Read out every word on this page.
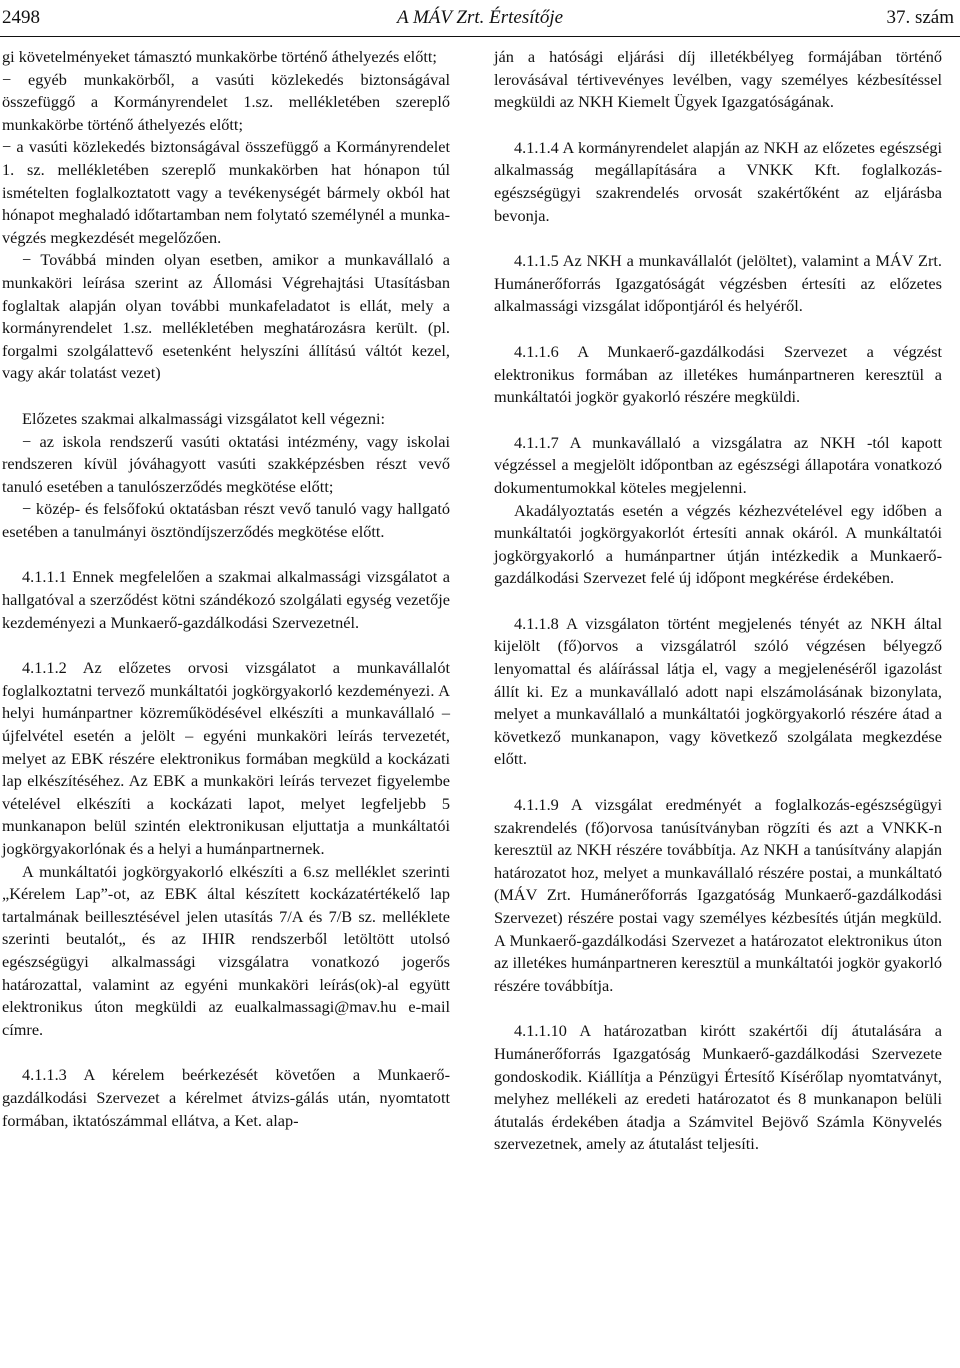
2498	A MÁV Zrt. Értesítője	37. szám

gi követelményeket támasztó munkakörbe történő áthelyezés előtt;

− egyéb munkakörből, a vasúti közlekedés biztonságával összefüggő a Kormányrendelet 1.sz. mellékletében szereplő munkakörbe történő áthelyezés előtt;

− a vasúti közlekedés biztonságával összefüggő a Kormányrendelet 1. sz. mellékletében szereplő munkakörben hat hónapon túl ismételten foglalkoztatott vagy a tevékenységét bármely okból hat hónapot meghaladó időtartamban nem folytató személynél a munka-végzés megkezdését megelőzően.

− Továbbá minden olyan esetben, amikor a munkavállaló a munkaköri leírása szerint az Állomási Végrehajtási Utasításban foglaltak alapján olyan további munkafeladatot is ellát, mely a kormányrendelet 1.sz. mellékletében meghatározásra került. (pl. forgalmi szolgálattevő esetenként helyszíni állítású váltót kezel, vagy akár tolatást vezet)

Előzetes szakmai alkalmassági vizsgálatot kell végezni:

− az iskola rendszerű vasúti oktatási intézmény, vagy iskolai rendszeren kívül jóváhagyott vasúti szakképzésben részt vevő tanuló esetében a tanulószerződés megkötése előtt;

− közép- és felsőfokú oktatásban részt vevő tanuló vagy hallgató esetében a tanulmányi ösztöndíjszerződés megkötése előtt.

4.1.1.1 Ennek megfelelően a szakmai alkalmassági vizsgálatot a hallgatóval a szerződést kötni szándékozó szolgálati egység vezetője kezdeményezi a Munkaerő-gazdálkodási Szervezetnél.

4.1.1.2 Az előzetes orvosi vizsgálatot a munkavállalót foglalkoztatni tervező munkáltatói jogkörgyakorló kezdeményezi. A helyi humánpartner közreműködésével elkészíti a munkavállaló – újfelvétel esetén a jelölt – egyéni munkaköri leírás tervezetét, melyet az EBK részére elektronikus formában megküld a kockázati lap elkészítéséhez. Az EBK a munkaköri leírás tervezet figyelembe vételével elkészíti a kockázati lapot, melyet legfeljebb 5 munkanapon belül szintén elektronikusan eljuttatja a munkáltatói jogkörgyakorlónak és a helyi a humánpartnernek.

A munkáltatói jogkörgyakorló elkészíti a 6.sz melléklet szerinti „Kérelem Lap”-ot, az EBK által készített kockázatértékelő lap tartalmának beillesztésével jelen utasítás 7/A és 7/B sz. melléklete szerinti beutalót„ és az IHIR rendszerből letöltött utolsó egészségügyi alkalmassági vizsgálatra vonatkozó jogerős határozattal, valamint az egyéni munkaköri leírás(ok)-al együtt elektronikus úton megküldi az eualkalmassagi@mav.hu e-mail címre.

4.1.1.3 A kérelem beérkezését követően a Munkaerő-gazdálkodási Szervezet a kérelmet átvizs-gálás után, nyomtatott formában, iktatószámmal ellátva, a Ket. alap-

ján a hatósági eljárási díj illetékbélyeg formájában történő lerovásával tértivevényes levélben, vagy személyes kézbesítéssel megküldi az NKH Kiemelt Ügyek Igazgatóságának.

4.1.1.4 A kormányrendelet alapján az NKH az előzetes egészségi alkalmasság megállapítására a VNKK Kft. foglalkozás-egészségügyi szakrendelés orvosát szakértőként az eljárásba bevonja.

4.1.1.5 Az NKH a munkavállalót (jelöltet), valamint a MÁV Zrt. Humánerőforrás Igazgatóságát végzésben értesíti az előzetes alkalmassági vizsgálat időpontjáról és helyéről.

4.1.1.6 A Munkaerő-gazdálkodási Szervezet a végzést elektronikus formában az illetékes humánpartneren keresztül a munkáltatói jogkör gyakorló részére megküldi.

4.1.1.7 A munkavállaló a vizsgálatra az NKH -tól kapott végzéssel a megjelölt időpontban az egészségi állapotára vonatkozó dokumentumokkal köteles megjelenni.

Akadályoztatás esetén a végzés kézhezvételével egy időben a munkáltatói jogkörgyakorlót értesíti annak okáról. A munkáltatói jogkörgyakorló a humánpartner útján intézkedik a Munkaerő-gazdálkodási Szervezet felé új időpont megkérése érdekében.

4.1.1.8 A vizsgálaton történt megjelenés tényét az NKH által kijelölt (fő)orvos a vizsgálatról szóló végzésen bélyegző lenyomattal és aláírással látja el, vagy a megjelenéséről igazolást állít ki. Ez a munkavállaló adott napi elszámolásának bizonylata, melyet a munkavállaló a munkáltatói jogkörgyakorló részére átad a következő munkanapon, vagy következő szolgálata megkezdése előtt.

4.1.1.9 A vizsgálat eredményét a foglalkozás-egészségügyi szakrendelés (fő)orvosa tanúsítványban rögzíti és azt a VNKK-n keresztül az NKH részére továbbítja. Az NKH a tanúsítvány alapján határozatot hoz, melyet a munkavállaló részére postai, a munkáltató (MÁV Zrt. Humánerőforrás Igazgatóság Munkaerő-gazdálkodási Szervezet) részére postai vagy személyes kézbesítés útján megküld. A Munkaerő-gazdálkodási Szervezet a határozatot elektronikus úton az illetékes humánpartneren keresztül a munkáltatói jogkör gyakorló részére továbbítja.

4.1.1.10 A határozatban kirótt szakértői díj átutalására a Humánerőforrás Igazgatóság Munkaerő-gazdálkodási Szervezete gondoskodik. Kiállítja a Pénzügyi Értesítő Kísérőlap nyomtatványt, melyhez mellékeli az eredeti határozatot és 8 munkanapon belüli átutalás érdekében átadja a Számvitel Bejövő Számla Könyvelés szervezetnek, amely az átutalást teljesíti.
